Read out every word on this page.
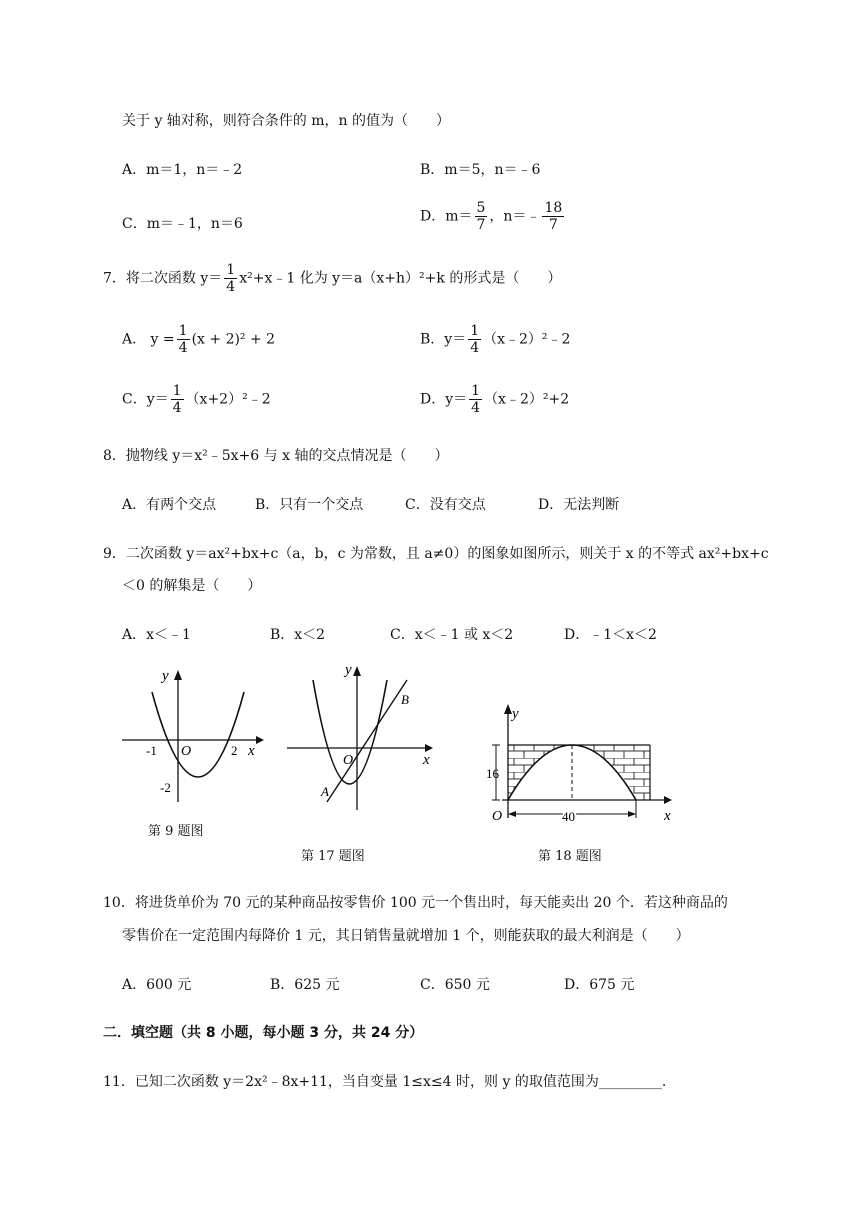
关于 y 轴对称，则符合条件的 m，n 的值为（　　）
A．m＝1，n＝﹣2	B．m＝5，n＝﹣6
C．m＝﹣1，n＝6	D．$m= \frac{5}{7}$ ，n＝﹣ $\frac{18}{7}$
7．将二次函数 $y= \frac{1}{4}$ x²+x﹣1 化为 y＝a（x+h）²+k 的形式是（　　）
A． $y = \frac{1}{4} (x + 2)^2 + 2$	B．$y= \frac{1}{4}$ （x﹣2）²﹣2
C．$y= \frac{1}{4}$ （x+2）²﹣2	D．$y= \frac{1}{4}$ （x﹣2）²+2
8．抛物线 y＝x²﹣5x+6 与 x 轴的交点情况是（　　）
A．有两个交点	B．只有一个交点	C．没有交点	D．无法判断
9．二次函数 y＝ax²+bx+c（a，b，c 为常数，且 a≠0）的图象如图所示，则关于 x 的不等式 ax²+bx+c
＜0 的解集是（　　）
A．x＜﹣1	B．x＜2	C．x＜﹣1 或 x＜2	D．﹣1＜x＜2
y
x
O
-1	2
-2
第 9 题图
y
x
O
A
B
第 17 题图
y
x
O
16
40
第 18 题图
10．将进货单价为 70 元的某种商品按零售价 100 元一个售出时，每天能卖出 20 个．若这种商品的
零售价在一定范围内每降价 1 元，其日销售量就增加 1 个，则能获取的最大利润是（　　）
A．600 元	B．625 元	C．650 元	D．675 元
二．填空题（共 8 小题，每小题 3 分，共 24 分）
11．已知二次函数 y＝2x²﹣8x+11，当自变量 1≤x≤4 时，则 y 的取值范围为_________.
